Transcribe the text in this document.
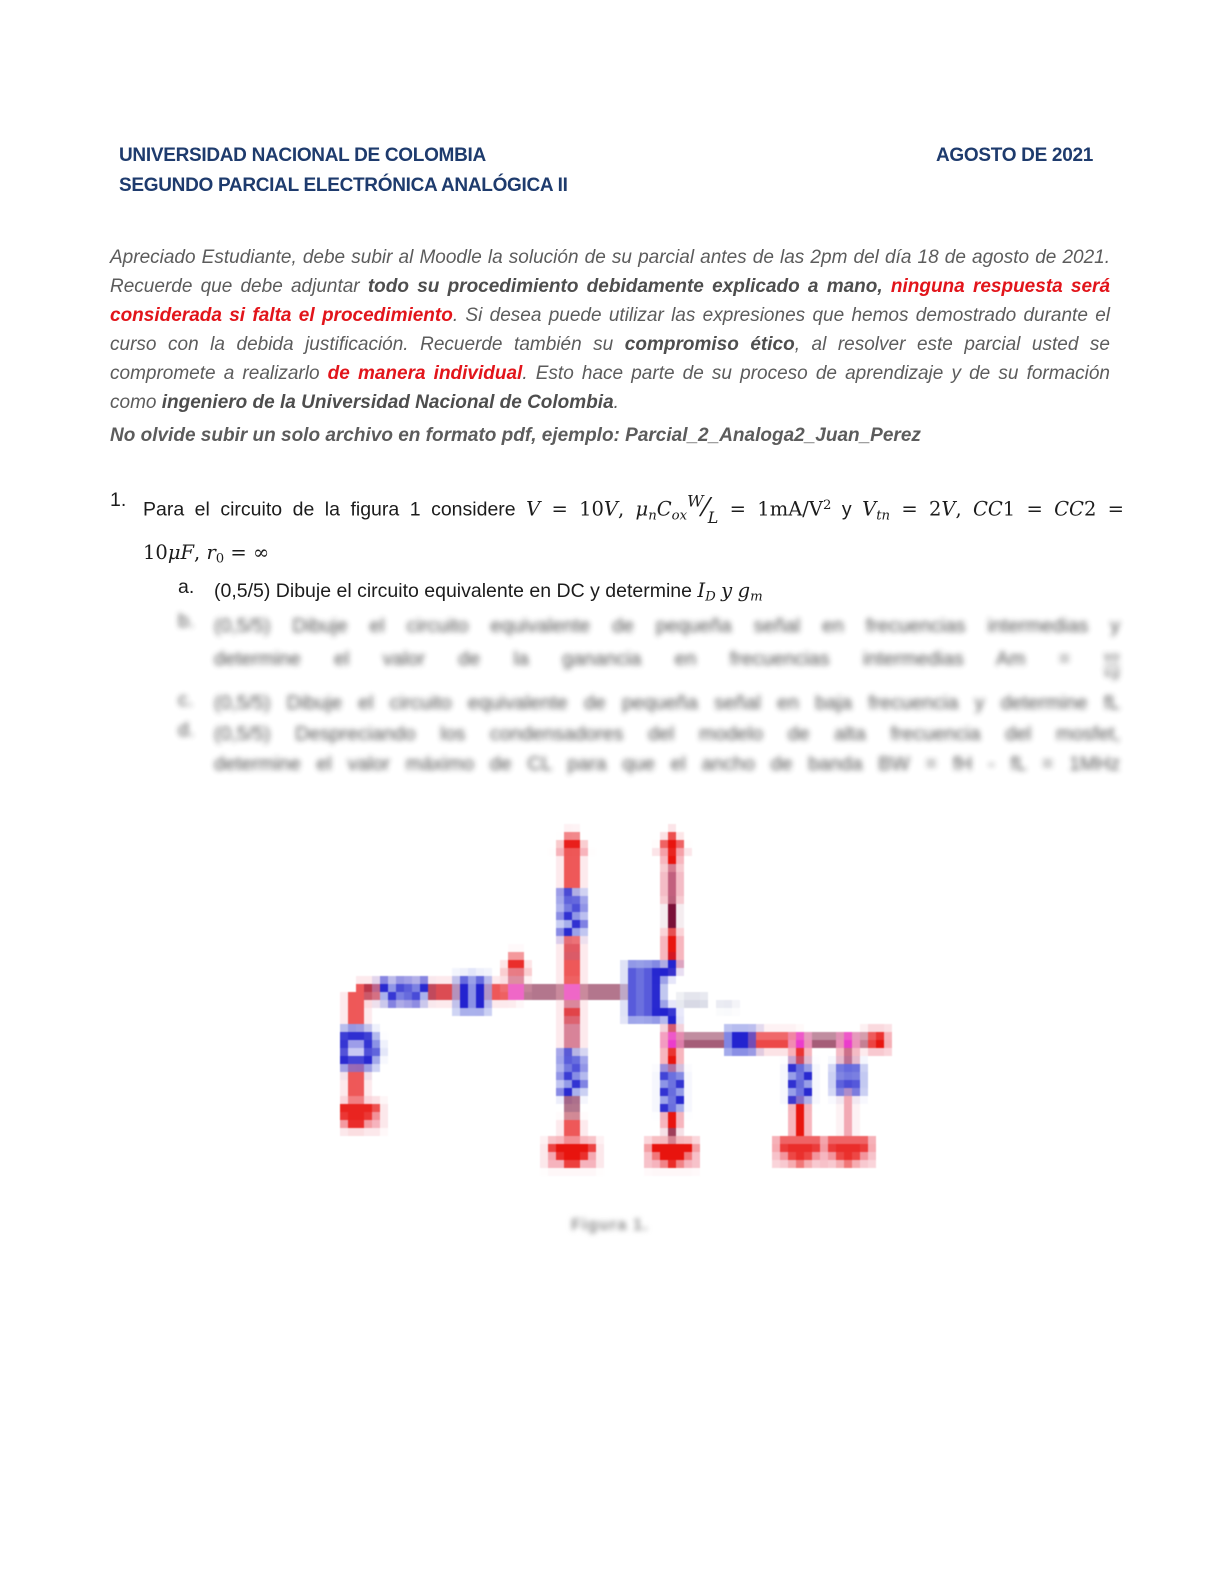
UNIVERSIDAD NACIONAL DE COLOMBIA
SEGUNDO PARCIAL ELECTRÓNICA ANALÓGICA II
AGOSTO DE 2021
Apreciado Estudiante, debe subir al Moodle la solución de su parcial antes de las 2pm del día 18 de agosto de 2021. Recuerde que debe adjuntar todo su procedimiento debidamente explicado a mano, ninguna respuesta será considerada si falta el procedimiento. Si desea puede utilizar las expresiones que hemos demostrado durante el curso con la debida justificación. Recuerde también su compromiso ético, al resolver este parcial usted se compromete a realizarlo de manera individual. Esto hace parte de su proceso de aprendizaje y de su formación como ingeniero de la Universidad Nacional de Colombia.
No olvide subir un solo archivo en formato pdf, ejemplo: Parcial_2_Analoga2_Juan_Perez
1. Para el circuito de la figura 1 considere V = 10V, $\mu nCox^W⁄_L = 1mA/V^2$ y Vtn = 2V, CC1 = CC2 =
10μF, r0 = ∞
a.	(0,5/5) Dibuje el circuito equivalente en DC y determine ID y gm
b.	(0,5/5) Dibuje el circuito equivalente de pequeña señal en frecuencias intermedias y
determine el valor de la ganancia en frecuencias intermedias $Am = \frac{vo}{vg}$
c.	(0,5/5) Dibuje el circuito equivalente de pequeña señal en baja frecuencia y determine fL
d.	(0,5/5) Despreciando los condensadores del modelo de alta frecuencia del mosfet,
determine el valor máximo de CL para que el ancho de banda BW = fH - fL = 1MHz
Figura 1.
